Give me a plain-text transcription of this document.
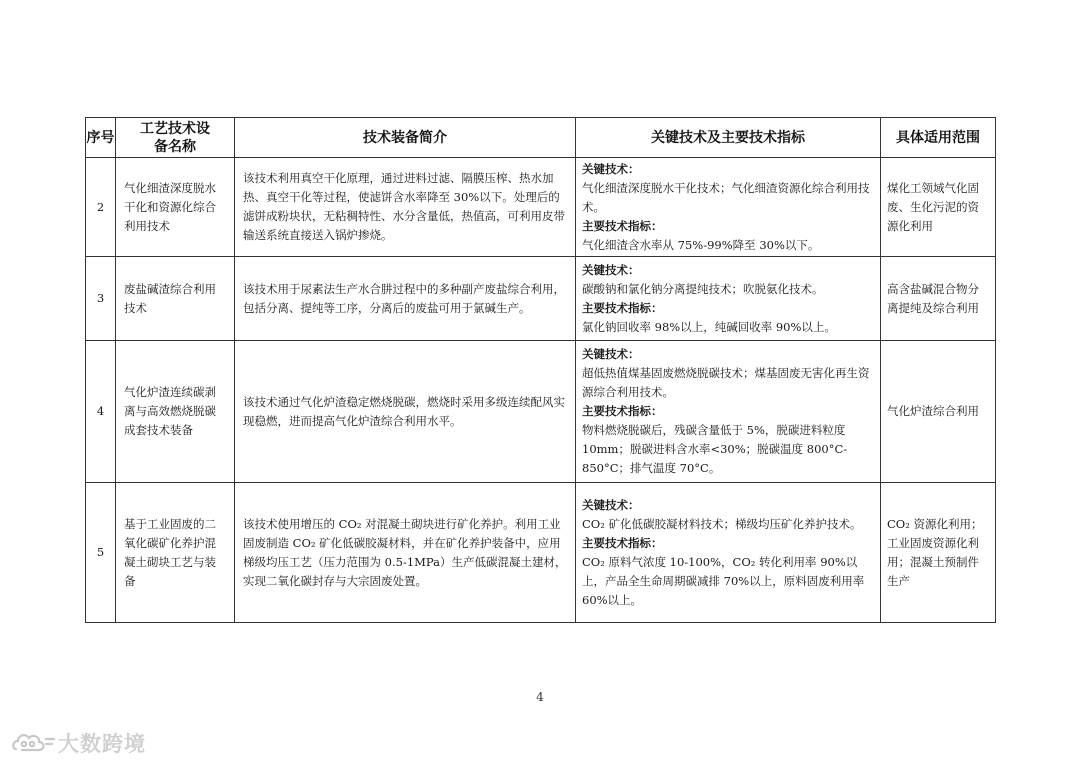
序号	工艺技术设备名称	技术装备简介	关键技术及主要技术指标	具体适用范围
2	气化细渣深度脱水干化和资源化综合利用技术	该技术利用真空干化原理，通过进料过滤、隔膜压榨、热水加热、真空干化等过程，使滤饼含水率降至 30%以下。处理后的滤饼成粉块状，无粘稠特性、水分含量低，热值高，可利用皮带输送系统直接送入锅炉掺烧。	关键技术：
气化细渣深度脱水干化技术；气化细渣资源化综合利用技术。
主要技术指标：
气化细渣含水率从 75%-99%降至 30%以下。	煤化工领域气化固废、生化污泥的资源化利用
3	废盐碱渣综合利用技术	该技术用于尿素法生产水合肼过程中的多种副产废盐综合利用，包括分离、提纯等工序，分离后的废盐可用于氯碱生产。	关键技术：
碳酸钠和氯化钠分离提纯技术；吹脱氨化技术。
主要技术指标：
氯化钠回收率 98%以上，纯碱回收率 90%以上。	高含盐碱混合物分离提纯及综合利用
4	气化炉渣连续碳剥离与高效燃烧脱碳成套技术装备	该技术通过气化炉渣稳定燃烧脱碳，燃烧时采用多级连续配风实现稳燃，进而提高气化炉渣综合利用水平。	关键技术：
超低热值煤基固废燃烧脱碳技术；煤基固废无害化再生资源综合利用技术。
主要技术指标：
物料燃烧脱碳后，残碳含量低于 5%，脱碳进料粒度 10mm；脱碳进料含水率<30%；脱碳温度 800°C-850°C；排气温度 70°C。	气化炉渣综合利用
5	基于工业固废的二氧化碳矿化养护混凝土砌块工艺与装备	该技术使用增压的 CO₂ 对混凝土砌块进行矿化养护。利用工业固废制造 CO₂ 矿化低碳胶凝材料，并在矿化养护装备中，应用梯级均压工艺（压力范围为 0.5-1MPa）生产低碳混凝土建材，实现二氧化碳封存与大宗固废处置。	关键技术：
CO₂ 矿化低碳胶凝材料技术；梯级均压矿化养护技术。
主要技术指标：
CO₂ 原料气浓度 10-100%，CO₂ 转化利用率 90%以上，产品全生命周期碳减排 70%以上，原料固废利用率 60%以上。	CO₂ 资源化利用；工业固废资源化利用；混凝土预制件生产
4
大数跨境
